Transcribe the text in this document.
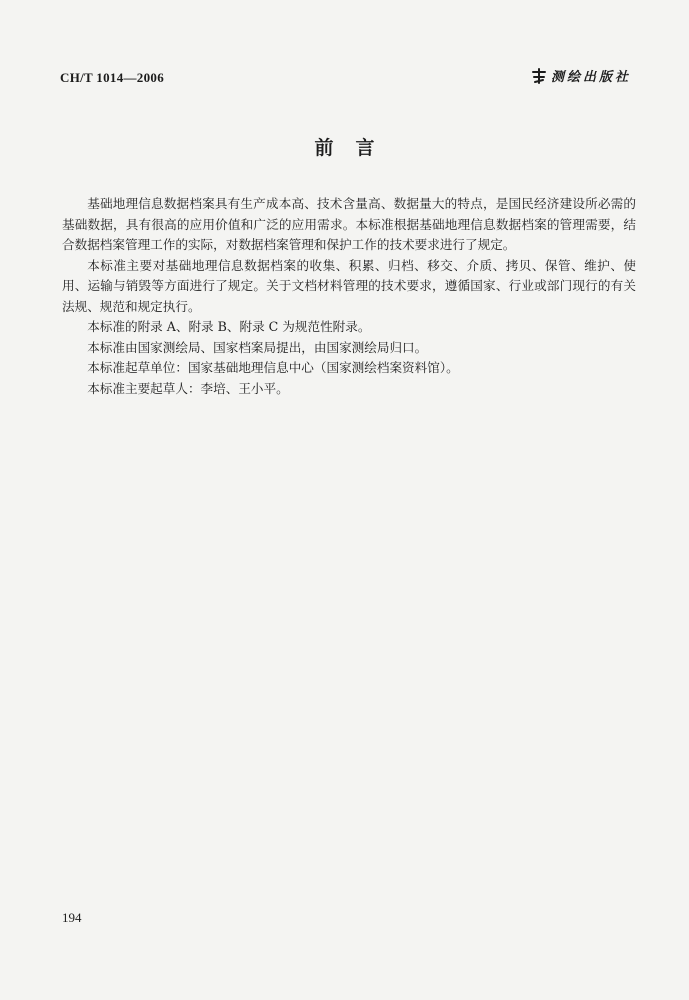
CH/T 1014—2006	测绘出版社
前言

基础地理信息数据档案具有生产成本高、技术含量高、数据量大的特点，是国民经济建设所必需的基础数据，具有很高的应用价值和广泛的应用需求。本标准根据基础地理信息数据档案的管理需要，结合数据档案管理工作的实际，对数据档案管理和保护工作的技术要求进行了规定。

本标准主要对基础地理信息数据档案的收集、积累、归档、移交、介质、拷贝、保管、维护、使用、运输与销毁等方面进行了规定。关于文档材料管理的技术要求，遵循国家、行业或部门现行的有关法规、规范和规定执行。

本标准的附录 A、附录 B、附录 C 为规范性附录。

本标准由国家测绘局、国家档案局提出，由国家测绘局归口。

本标准起草单位：国家基础地理信息中心（国家测绘档案资料馆）。

本标准主要起草人：李培、王小平。

194
